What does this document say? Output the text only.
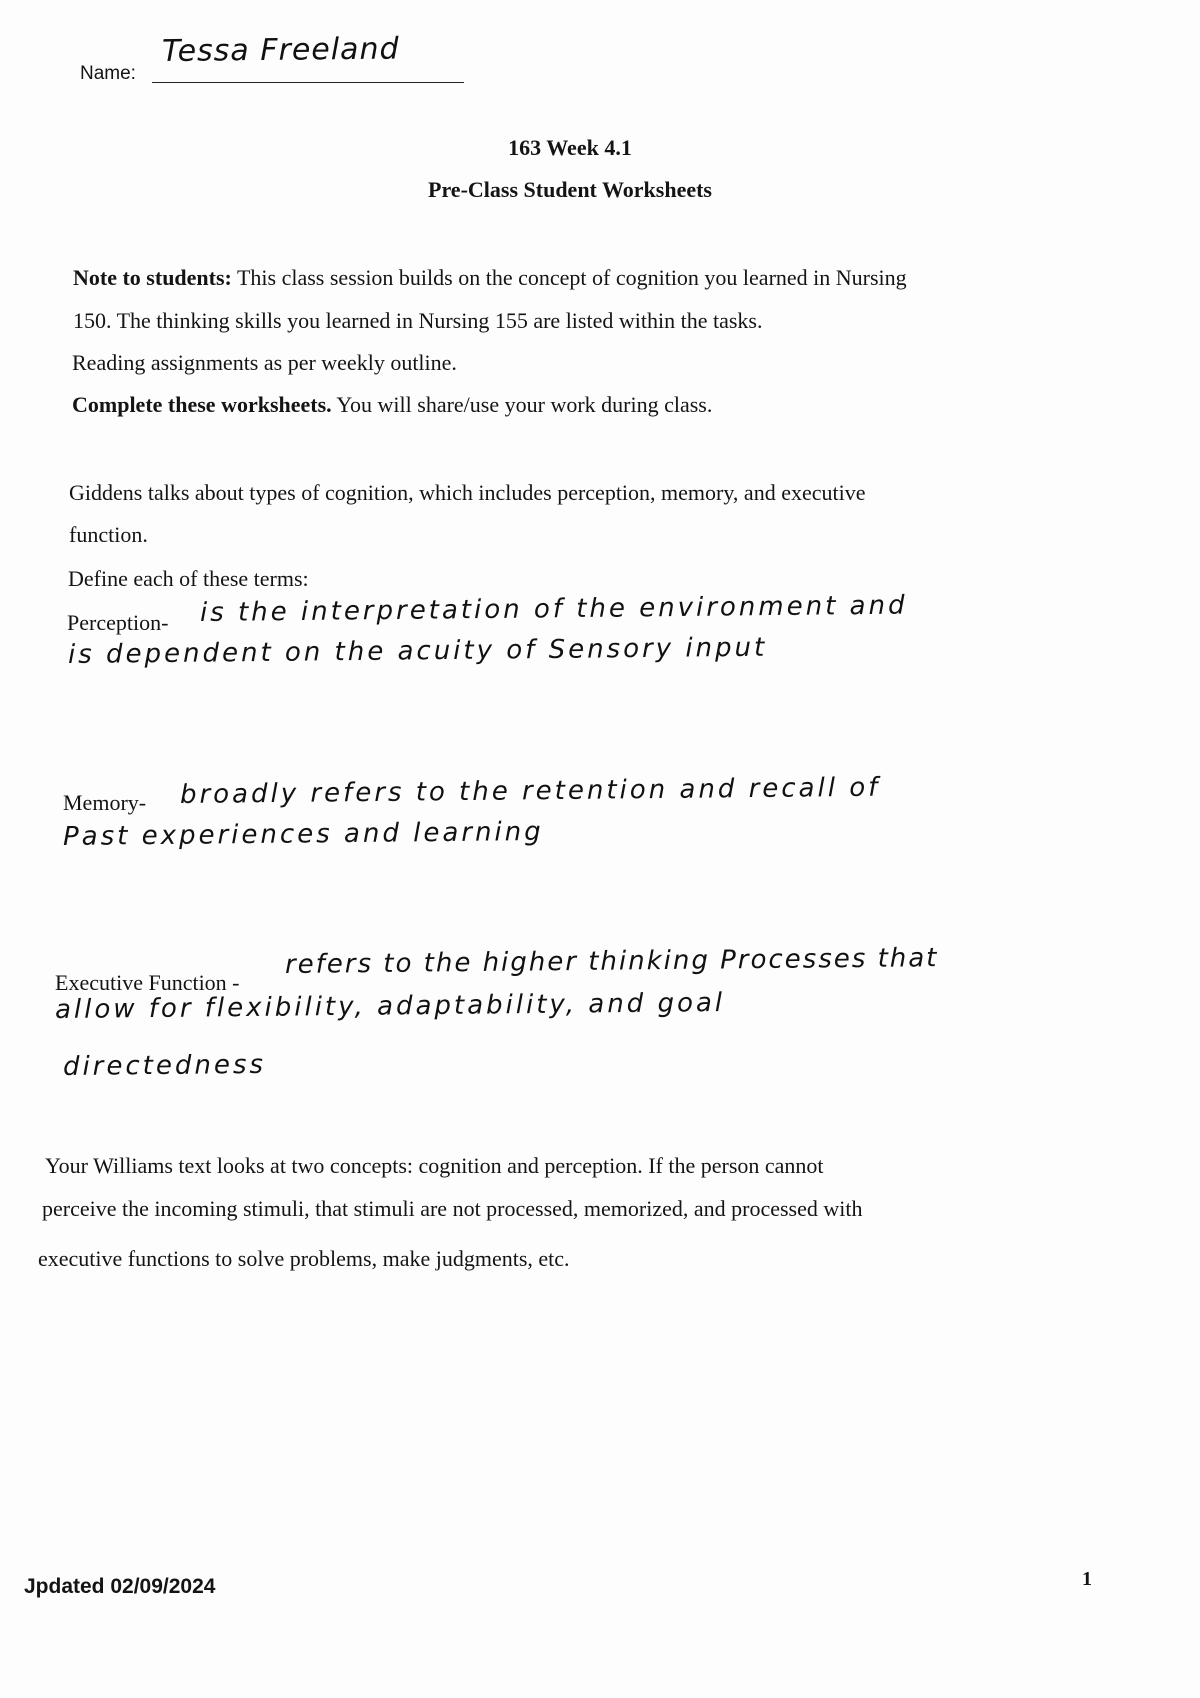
Name:
Tessa Freeland
163 Week 4.1
Pre-Class Student Worksheets
Note to students: This class session builds on the concept of cognition you learned in Nursing
150. The thinking skills you learned in Nursing 155 are listed within the tasks.
Reading assignments as per weekly outline.
Complete these worksheets. You will share/use your work during class.
Giddens talks about types of cognition, which includes perception, memory, and executive
function.
Define each of these terms:
Perception- is the interpretation of the environment and
is dependent on the acuity of Sensory input
Memory- broadly refers to the retention and recall of
Past experiences and learning
Executive Function -
refers to the higher thinking Processes that
allow for flexibility, adaptability, and goal
directedness
Your Williams text looks at two concepts: cognition and perception. If the person cannot
perceive the incoming stimuli, that stimuli are not processed, memorized, and processed with
executive functions to solve problems, make judgments, etc.
Jpdated 02/09/2024	1
